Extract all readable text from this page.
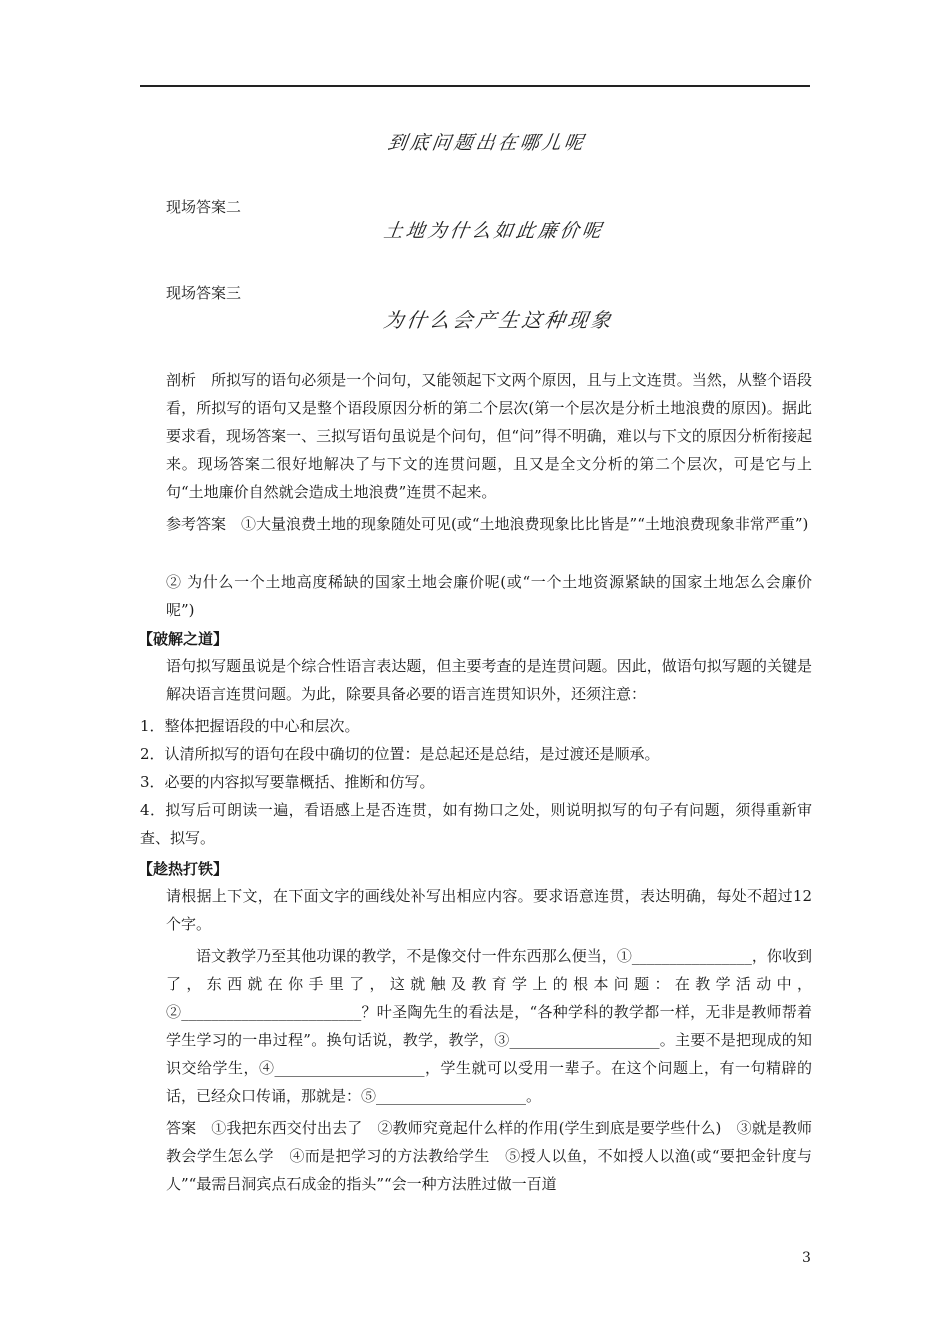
到底问题出在哪儿呢
现场答案二
土地为什么如此廉价呢
现场答案三
为什么会产生这种现象
剖析　所拟写的语句必须是一个问句，又能领起下文两个原因，且与上文连贯。当然，从整个语段看，所拟写的语句又是整个语段原因分析的第二个层次(第一个层次是分析土地浪费的原因)。据此要求看，现场答案一、三拟写语句虽说是个问句，但“问”得不明确，难以与下文的原因分析衔接起来。现场答案二很好地解决了与下文的连贯问题，且又是全文分析的第二个层次，可是它与上句“土地廉价自然就会造成土地浪费”连贯不起来。
参考答案　①大量浪费土地的现象随处可见(或“土地浪费现象比比皆是”“土地浪费现象非常严重”)
② 为什么一个土地高度稀缺的国家土地会廉价呢(或“一个土地资源紧缺的国家土地怎么会廉价呢”)
【破解之道】
语句拟写题虽说是个综合性语言表达题，但主要考查的是连贯问题。因此，做语句拟写题的关键是解决语言连贯问题。为此，除要具备必要的语言连贯知识外，还须注意：
1．整体把握语段的中心和层次。
2．认清所拟写的语句在段中确切的位置：是总起还是总结，是过渡还是顺承。
3．必要的内容拟写要靠概括、推断和仿写。
4．拟写后可朗读一遍，看语感上是否连贯，如有拗口之处，则说明拟写的句子有问题，须得重新审查、拟写。
【趁热打铁】
请根据上下文，在下面文字的画线处补写出相应内容。要求语意连贯，表达明确，每处不超过12个字。
语文教学乃至其他功课的教学，不是像交付一件东西那么便当，①________________，你收到了，东西就在你手里了，这就触及教育学上的根本问题：在教学活动中，②________________________？叶圣陶先生的看法是，“各种学科的教学都一样，无非是教师帮着学生学习的一串过程”。换句话说，教学，教学，③____________________。主要不是把现成的知识交给学生，④____________________，学生就可以受用一辈子。在这个问题上，有一句精辟的话，已经众口传诵，那就是：⑤____________________。
答案　①我把东西交付出去了　②教师究竟起什么样的作用(学生到底是要学些什么)　③就是教师教会学生怎么学　④而是把学习的方法教给学生　⑤授人以鱼，不如授人以渔(或“要把金针度与人”“最需吕洞宾点石成金的指头”“会一种方法胜过做一百道
3
